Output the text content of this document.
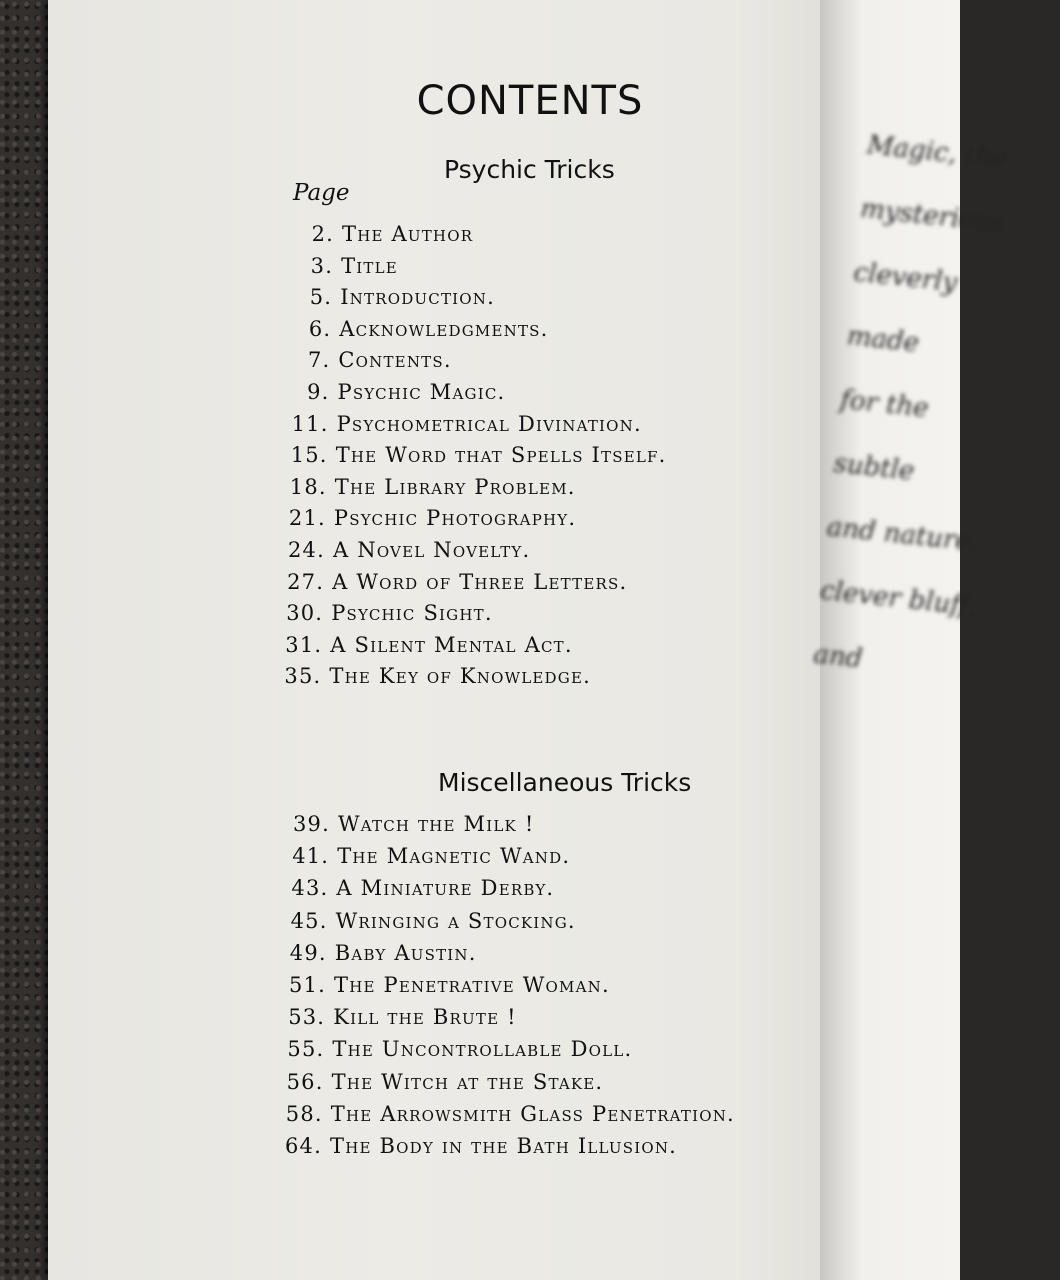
Magic, the
mysterious
cleverly made
for the subtle
and nature.
clever bluff, and
CONTENTS
Psychic Tricks
Page
Miscellaneous Tricks
2. The Author
3. Title
5. Introduction.
6. Acknowledgments.
7. Contents.
9. Psychic Magic.
11. Psychometrical Divination.
15. The Word that Spells Itself.
18. The Library Problem.
21. Psychic Photography.
24. A Novel Novelty.
27. A Word of Three Letters.
30. Psychic Sight.
31. A Silent Mental Act.
35. The Key of Knowledge.
39. Watch the Milk !
41. The Magnetic Wand.
43. A Miniature Derby.
45. Wringing a Stocking.
49. Baby Austin.
51. The Penetrative Woman.
53. Kill the Brute !
55. The Uncontrollable Doll.
56. The Witch at the Stake.
58. The Arrowsmith Glass Penetration.
64. The Body in the Bath Illusion.
